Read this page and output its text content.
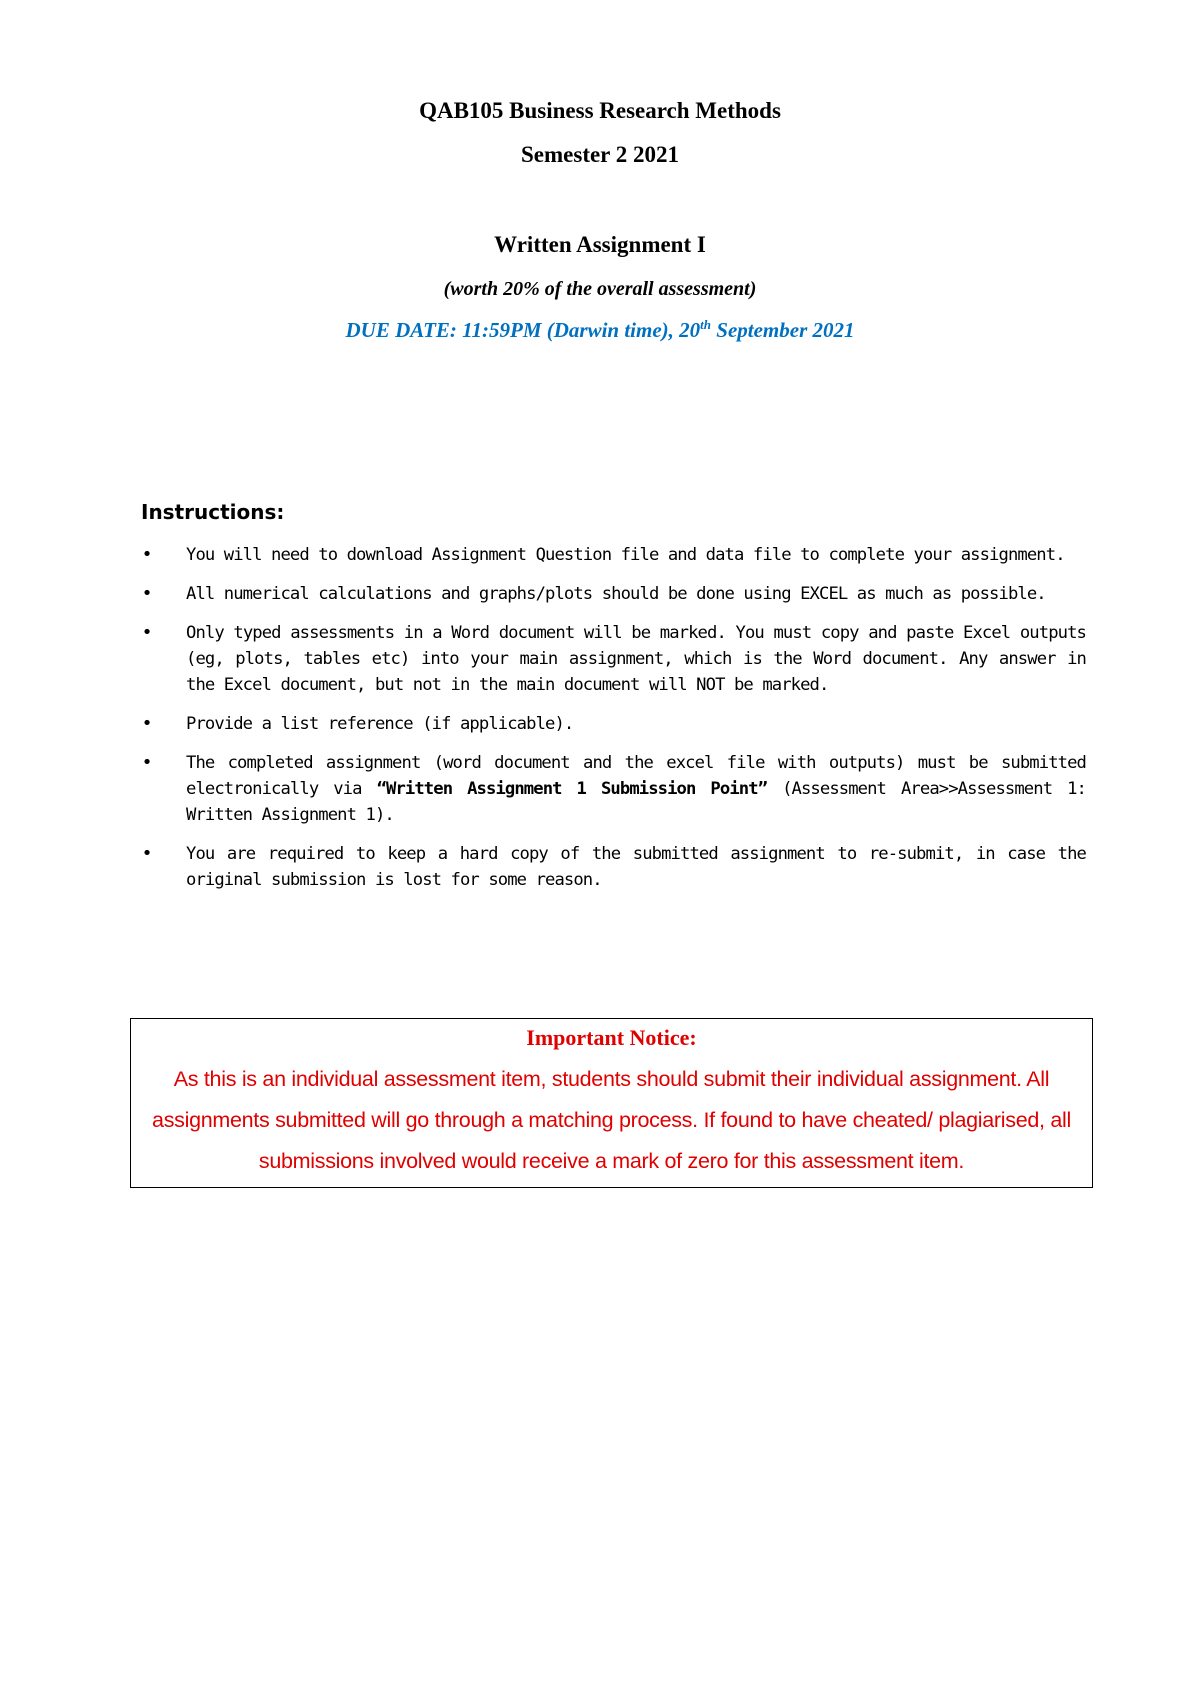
QAB105 Business Research Methods
Semester 2 2021
Written Assignment I
(worth 20% of the overall assessment)
DUE DATE: 11:59PM (Darwin time), 20th September 2021
Instructions:
• You will need to download Assignment Question file and data file to complete your assignment.
• All numerical calculations and graphs/plots should be done using EXCEL as much as possible.
• Only typed assessments in a Word document will be marked. You must copy and paste Excel outputs (eg, plots, tables etc) into your main assignment, which is the Word document. Any answer in the Excel document, but not in the main document will NOT be marked.
• Provide a list reference (if applicable).
• The completed assignment (word document and the excel file with outputs) must be submitted electronically via “Written Assignment 1 Submission Point” (Assessment Area>>Assessment 1: Written Assignment 1).
• You are required to keep a hard copy of the submitted assignment to re-submit, in case the original submission is lost for some reason.
Important Notice:
As this is an individual assessment item, students should submit their individual assignment. All assignments submitted will go through a matching process. If found to have cheated/ plagiarised, all submissions involved would receive a mark of zero for this assessment item.
